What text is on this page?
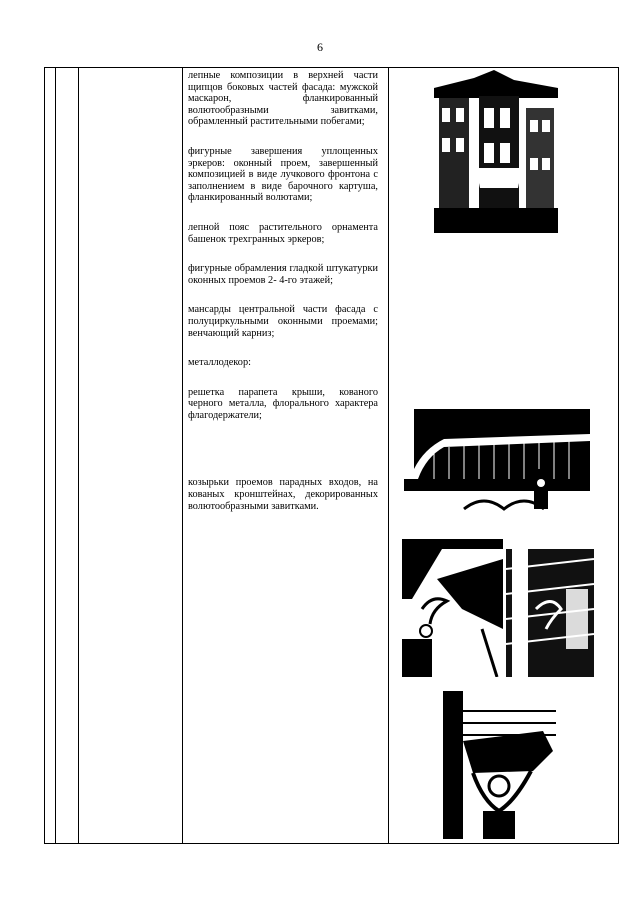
6

лепные композиции в верхней части щипцов боковых частей фасада: мужской маскарон, фланкированный волютообразными завитками, обрамленный растительными побегами;

фигурные завершения уплощенных эркеров: оконный проем, завершенный композицией в виде лучкового фронтона с заполнением в виде барочного картуша, фланкированный волютами;

лепной пояс растительного орнамента башенок трехгранных эркеров;

фигурные обрамления гладкой штукатурки оконных проемов 2- 4-го этажей;

мансарды центральной части фасада с полуциркульными оконными проемами; венчающий карниз;

металлодекор:

решетка парапета крыши, кованого черного металла, флорального характера флагодержатели;

козырьки проемов парадных входов, на кованых кронштейнах, декорированных волютообразными завитками.
